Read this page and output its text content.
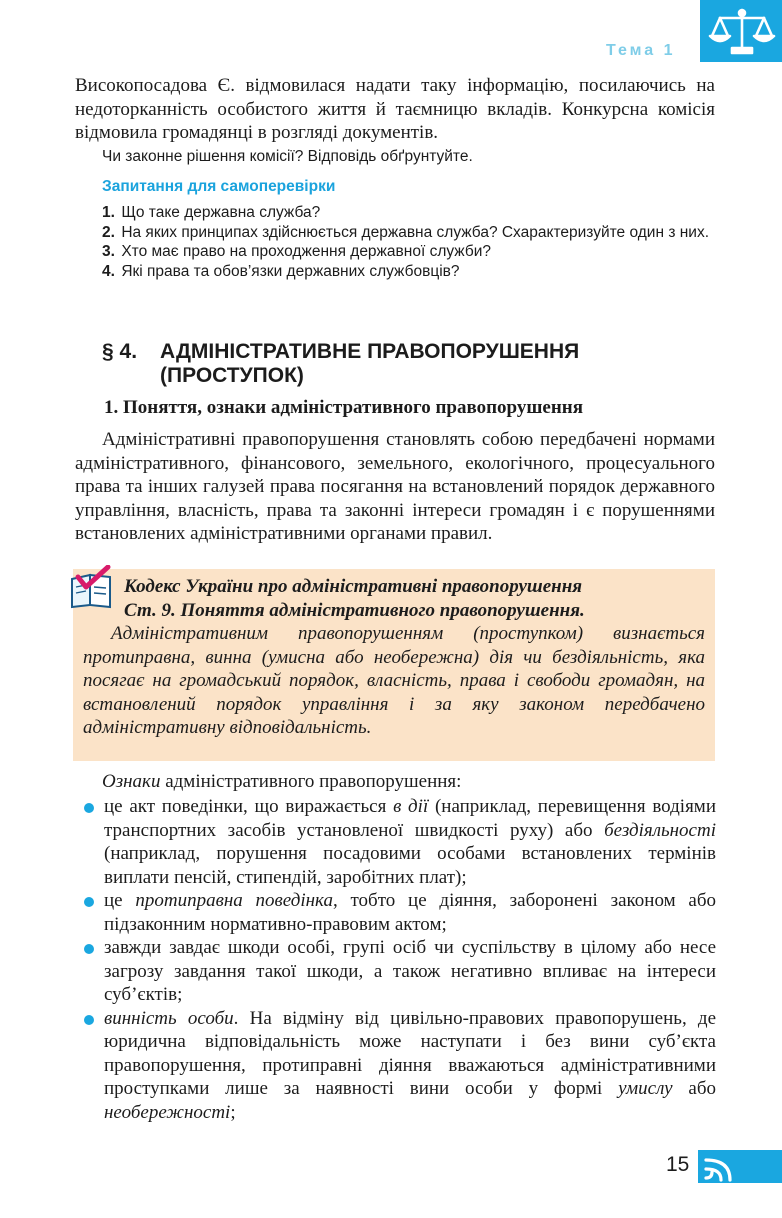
Тема 1
Високопосадова Є. відмовилася надати таку інформацію, посилаючись на недоторканність особистого життя й таємницю вкладів. Конкурсна комісія відмовила громадянці в розгляді документів.
Чи законне рішення комісії? Відповідь обґрунтуйте.
Запитання для самоперевірки
1. Що таке державна служба?
2. На яких принципах здійснюється державна служба? Схарактеризуйте один з них.
3. Хто має право на проходження державної служби?
4. Які права та обов’язки державних службовців?
§ 4. АДМІНІСТРАТИВНЕ ПРАВОПОРУШЕННЯ (ПРОСТУПОК)
1. Поняття, ознаки адміністративного правопорушення
Адміністративні правопорушення становлять собою передбачені нормами адміністративного, фінансового, земельного, екологічного, процесуального права та інших галузей права посягання на встановлений порядок державного управління, власність, права та законні інтереси громадян і є порушеннями встановлених адміністративними органами правил.
Кодекс України про адміністративні правопорушення
Ст. 9. Поняття адміністративного правопорушення.
Адміністративним правопорушенням (проступком) визнається протиправна, винна (умисна або необережна) дія чи бездіяльність, яка посягає на громадський порядок, власність, права і свободи громадян, на встановлений порядок управління і за яку законом передбачено адміністративну відповідальність.
Ознаки адміністративного правопорушення:
це акт поведінки, що виражається в дії (наприклад, перевищення водіями транспортних засобів установленої швидкості руху) або бездіяльності (наприклад, порушення посадовими особами встановлених термінів виплати пенсій, стипендій, заробітних плат);
це протиправна поведінка, тобто це діяння, заборонені законом або підзаконним нормативно-правовим актом;
завжди завдає шкоди особі, групі осіб чи суспільству в цілому або несе загрозу завдання такої шкоди, а також негативно впливає на інтереси суб’єктів;
винність особи. На відміну від цивільно-правових правопорушень, де юридична відповідальність може наступати і без вини суб’єкта правопорушення, протиправні діяння вважаються адміністративними проступками лише за наявності вини особи у формі умислу або необережності;
15
